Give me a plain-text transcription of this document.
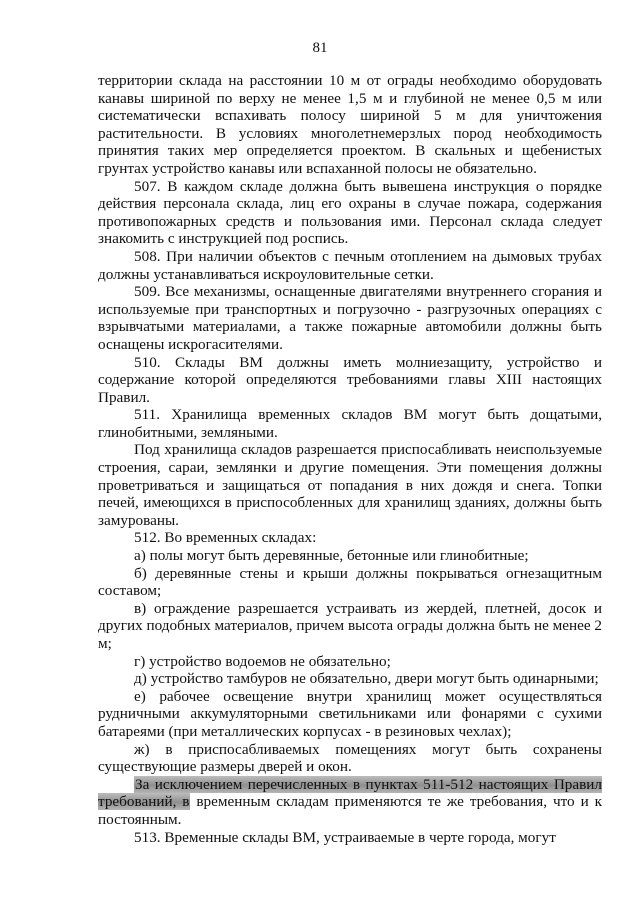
81

территории склада на расстоянии 10 м от ограды необходимо оборудовать канавы шириной по верху не менее 1,5 м и глубиной не менее 0,5 м или систематически вспахивать полосу шириной 5 м для уничтожения растительности. В условиях многолетнемерзлых пород необходимость принятия таких мер определяется проектом. В скальных и щебенистых грунтах устройство канавы или вспаханной полосы не обязательно.

507. В каждом складе должна быть вывешена инструкция о порядке действия персонала склада, лиц его охраны в случае пожара, содержания противопожарных средств и пользования ими. Персонал склада следует знакомить с инструкцией под роспись.

508. При наличии объектов с печным отоплением на дымовых трубах должны устанавливаться искроуловительные сетки.

509. Все механизмы, оснащенные двигателями внутреннего сгорания и используемые при транспортных и погрузочно - разгрузочных операциях с взрывчатыми материалами, а также пожарные автомобили должны быть оснащены искрогасителями.

510. Склады ВМ должны иметь молниезащиту, устройство и содержание которой определяются требованиями главы XIII настоящих Правил.

511. Хранилища временных складов ВМ могут быть дощатыми, глинобитными, земляными.

Под хранилища складов разрешается приспосабливать неиспользуемые строения, сараи, землянки и другие помещения. Эти помещения должны проветриваться и защищаться от попадания в них дождя и снега. Топки печей, имеющихся в приспособленных для хранилищ зданиях, должны быть замурованы.

512. Во временных складах:

а) полы могут быть деревянные, бетонные или глинобитные;

б) деревянные стены и крыши должны покрываться огнезащитным составом;

в) ограждение разрешается устраивать из жердей, плетней, досок и других подобных материалов, причем высота ограды должна быть не менее 2 м;

г) устройство водоемов не обязательно;

д) устройство тамбуров не обязательно, двери могут быть одинарными;

е) рабочее освещение внутри хранилищ может осуществляться рудничными аккумуляторными светильниками или фонарями с сухими батареями (при металлических корпусах - в резиновых чехлах);

ж) в приспосабливаемых помещениях могут быть сохранены существующие размеры дверей и окон.

За исключением перечисленных в пунктах 511-512 настоящих Правил требований, в временным складам применяются те же требования, что и к постоянным.

513. Временные склады ВМ, устраиваемые в черте города, могут
